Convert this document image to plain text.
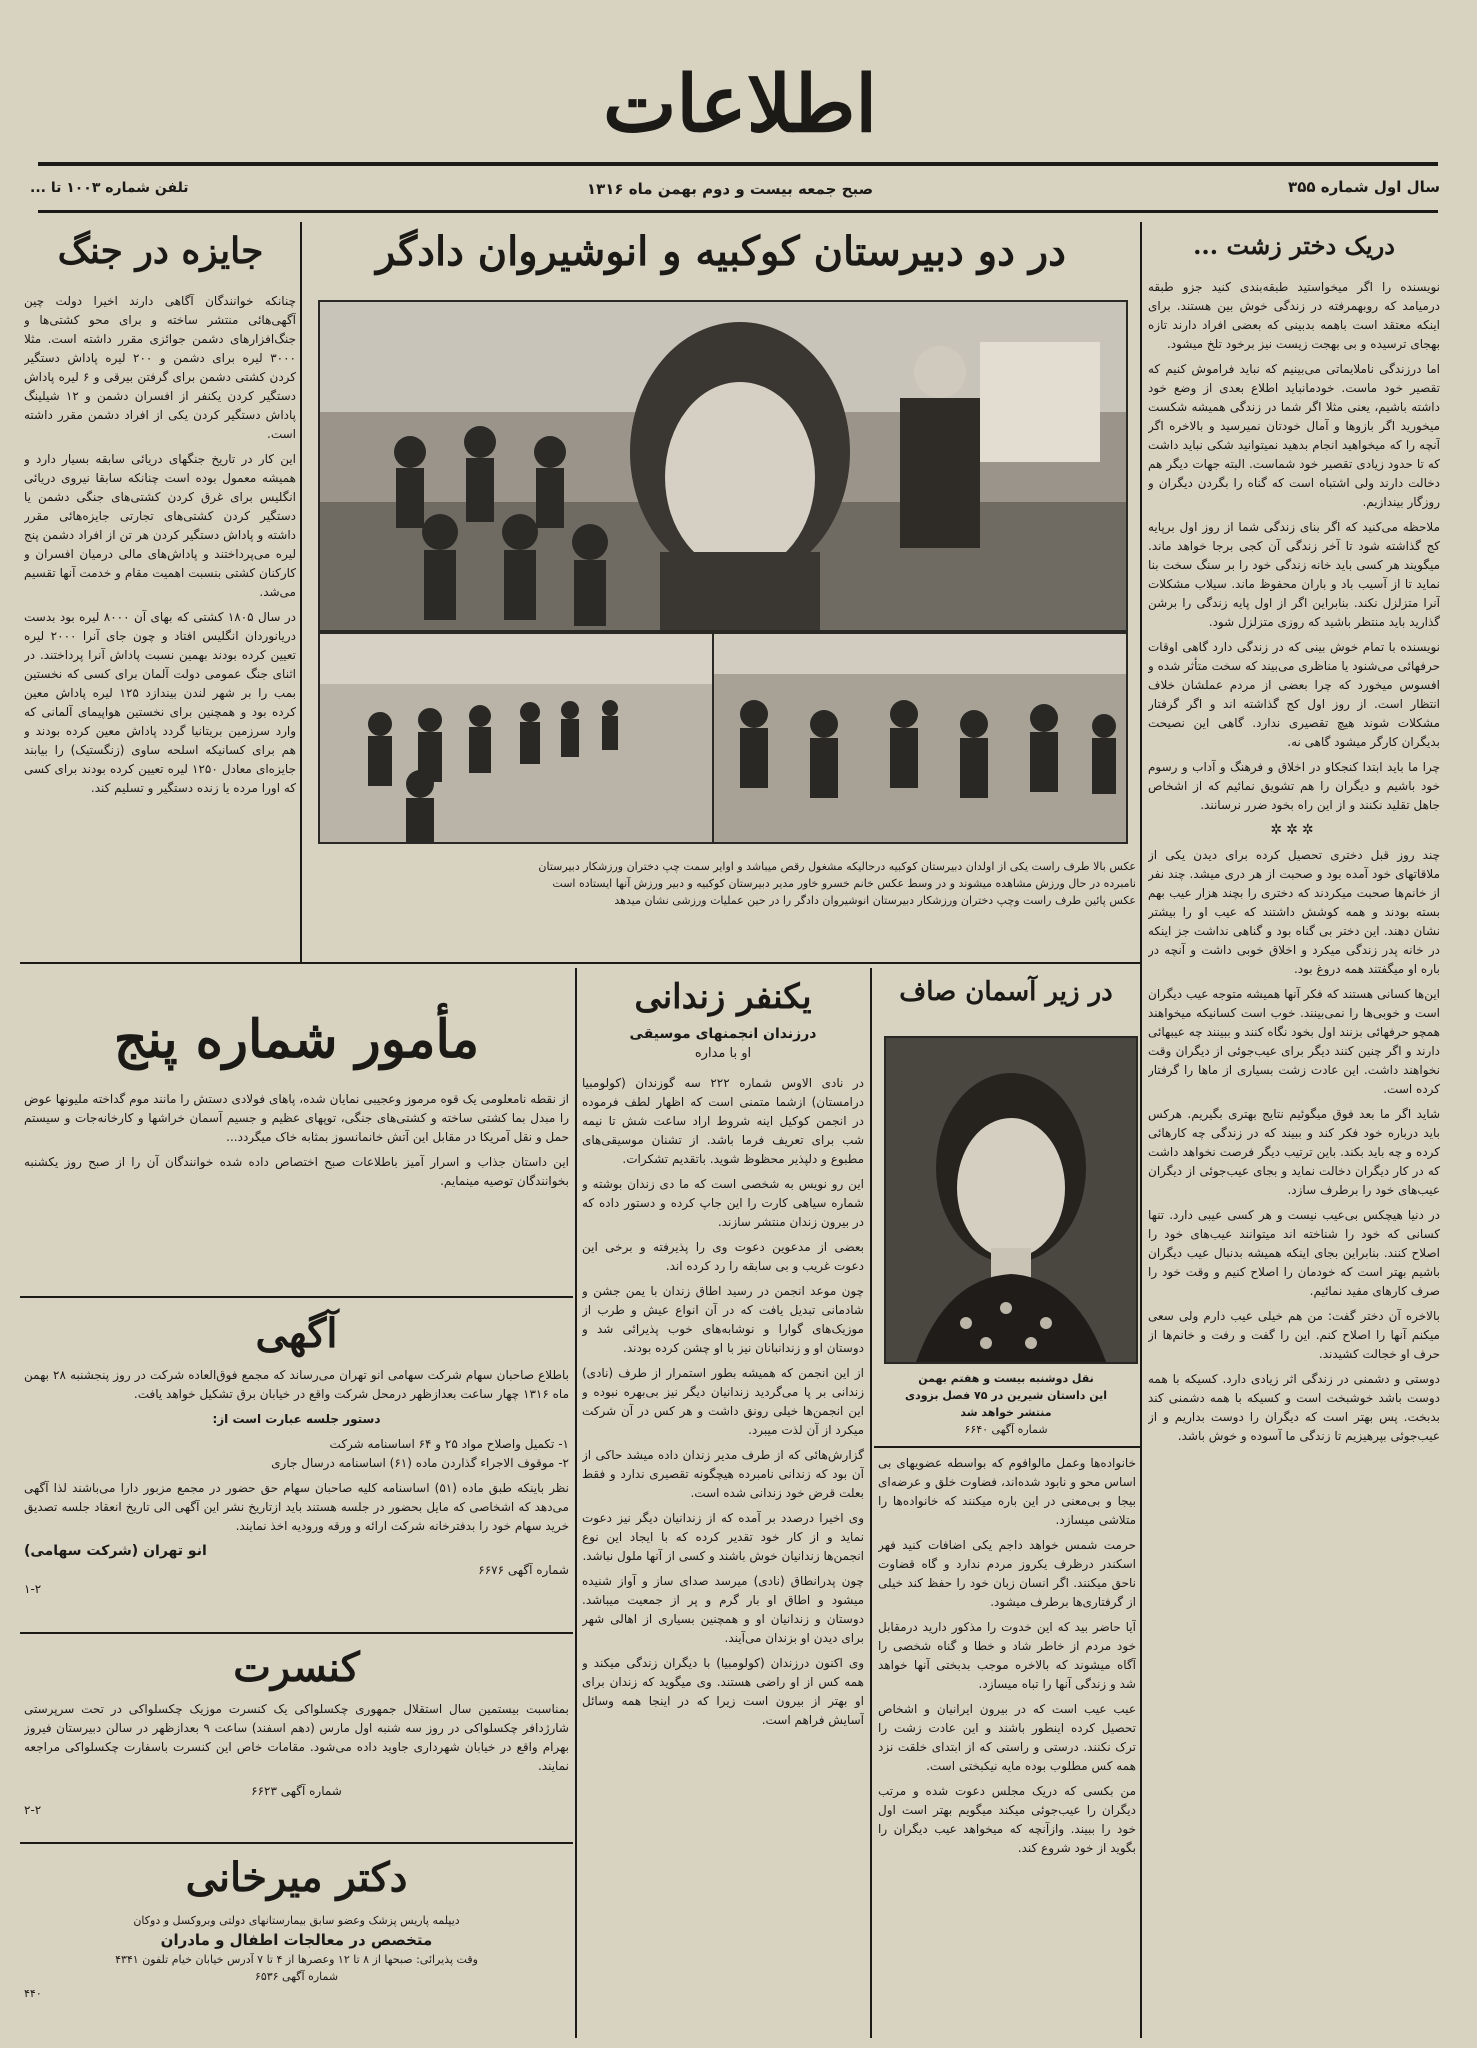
اطلاعات
سال اول شماره ۳۵۵
صبح جمعه بیست و دوم بهمن ماه ۱۳۱۶
تلفن شماره ۱۰۰۳ تا ...
جایزه در جنگ

چنانکه خوانندگان آگاهی دارند اخیرا دولت چین آگهی‌هائی منتشر ساخته و برای محو کشتی‌ها و جنگ‌افزارهای دشمن جوائزی مقرر داشته است. مثلا ۳۰۰۰ لیره برای دشمن و ۲۰۰ لیره پاداش دستگیر کردن کشتی دشمن برای گرفتن بیرقی و ۶ لیره پاداش دستگیر کردن یکنفر از افسران دشمن و ۱۲ شیلینگ پاداش دستگیر کردن یکی از افراد دشمن مقرر داشته است.

این کار در تاریخ جنگهای دریائی سابقه بسیار دارد و همیشه معمول بوده است چنانکه سابقا نیروی دریائی انگلیس برای غرق کردن کشتی‌های جنگی دشمن یا دستگیر کردن کشتی‌های تجارتی جایزه‌هائی مقرر داشته و پاداش دستگیر کردن هر تن از افراد دشمن پنج لیره می‌پرداختند و پاداش‌های مالی درمیان افسران و کارکنان کشتی بنسبت اهمیت مقام و خدمت آنها تقسیم می‌شد.

در سال ۱۸۰۵ کشتی که بهای آن ۸۰۰۰ لیره بود بدست دریانوردان انگلیس افتاد و چون جای آنرا ۲۰۰۰ لیره تعیین کرده بودند بهمین نسبت پاداش آنرا پرداختند. در اثنای جنگ عمومی دولت آلمان برای کسی که نخستین بمب را بر شهر لندن بیندازد ۱۲۵ لیره پاداش معین کرده بود و همچنین برای نخستین هواپیمای آلمانی که وارد سرزمین بریتانیا گردد پاداش معین کرده بودند و هم برای کسانیکه اسلحه ساوی (زنگستیک) را بیابند جایزه‌ای معادل ۱۲۵۰ لیره تعیین کرده بودند برای کسی که اورا مرده یا زنده دستگیر و تسلیم کند.

در دو دبیرستان کوکبیه و انوشیروان دادگر
عکس بالا طرف راست یکی از اولدان دبیرستان کوکبیه درحالیکه مشغول رقص میباشد و اوایر سمت چپ دختران ورزشکار دبیرستان
نامبرده در حال ورزش مشاهده میشوند و در وسط عکس خانم خسرو خاور مدیر دبیرستان کوکبیه و دبیر ورزش آنها ایستاده است
عکس پائین طرف راست وچپ دختران ورزشکار دبیرستان انوشیروان دادگر را در حین عملیات ورزشی نشان میدهد
دریک دختر زشت ...

نویسنده را اگر میخواستید طبقه‌بندی کنید جزو طبقه درمیامد که روبهمرفته در زندگی خوش بین هستند. برای اینکه معتقد است باهمه بدبینی که بعضی افراد دارند تازه بهجای ترسیده و بی بهجت زیست نیز برخود تلخ میشود.

اما درزندگی ناملایماتی می‌بینیم که نباید فراموش کنیم که تقصیر خود ماست. خودمانباید اطلاع بعدی از وضع خود داشته باشیم، یعنی مثلا اگر شما در زندگی همیشه شکست میخورید اگر بازوها و آمال خودتان نمیرسید و بالاخره اگر آنچه را که میخواهید انجام بدهید نمیتوانید شکی نباید داشت که تا حدود زیادی تقصیر خود شماست. البته جهات دیگر هم دخالت دارند ولی اشتباه است که گناه را بگردن دیگران و روزگار بیندازیم.

ملاحظه می‌کنید که اگر بنای زندگی شما از روز اول برپایه کج گذاشته شود تا آخر زندگی آن کجی برجا خواهد ماند. میگویند هر کسی باید خانه زندگی خود را بر سنگ سخت بنا نماید تا از آسیب باد و باران محفوظ ماند. سیلاب مشکلات آنرا متزلزل نکند. بنابراین اگر از اول پایه زندگی را برشن گذارید باید منتظر باشید که روزی متزلزل شود.

نویسنده با تمام خوش بینی که در زندگی دارد گاهی اوقات حرفهائی می‌شنود یا مناظری می‌بیند که سخت متأثر شده و افسوس میخورد که چرا بعضی از مردم عملشان خلاف انتظار است. از روز اول کج گذاشته اند و اگر گرفتار مشکلات شوند هیچ تقصیری ندارد. گاهی این نصیحت بدیگران کارگر میشود گاهی نه.

چرا ما باید ابتدا کنجکاو در اخلاق و فرهنگ و آداب و رسوم خود باشیم و دیگران را هم تشویق نمائیم که از اشخاص جاهل تقلید نکنند و از این راه بخود ضرر نرسانند.

✲✲✲

چند روز قبل دختری تحصیل کرده برای دیدن یکی از ملاقاتهای خود آمده بود و صحبت از هر دری میشد. چند نفر از خانم‌ها صحبت میکردند که دختری را بچند هزار عیب بهم بسته بودند و همه کوشش داشتند که عیب او را بیشتر نشان دهند. این دختر بی گناه بود و گناهی نداشت جز اینکه در خانه پدر زندگی میکرد و اخلاق خوبی داشت و آنچه در باره او میگفتند همه دروغ بود.

این‌ها کسانی هستند که فکر آنها همیشه متوجه عیب دیگران است و خوبی‌ها را نمی‌بینند. خوب است کسانیکه میخواهند همچو حرفهائی بزنند اول بخود نگاه کنند و ببینند چه عیبهائی دارند و اگر چنین کنند دیگر برای عیب‌جوئی از دیگران وقت نخواهند داشت. این عادت زشت بسیاری از ماها را گرفتار کرده است.

شاید اگر ما بعد فوق میگوئیم نتایج بهتری بگیریم. هرکس باید درباره خود فکر کند و ببیند که در زندگی چه کارهائی کرده و چه باید بکند. باین ترتیب دیگر فرصت نخواهد داشت که در کار دیگران دخالت نماید و بجای عیب‌جوئی از دیگران عیب‌های خود را برطرف سازد.

در دنیا هیچکس بی‌عیب نیست و هر کسی عیبی دارد. تنها کسانی که خود را شناخته اند میتوانند عیب‌های خود را اصلاح کنند. بنابراین بجای اینکه همیشه بدنبال عیب دیگران باشیم بهتر است که خودمان را اصلاح کنیم و وقت خود را صرف کارهای مفید نمائیم.

بالاخره آن دختر گفت: من هم خیلی عیب دارم ولی سعی میکنم آنها را اصلاح کنم. این را گفت و رفت و خانم‌ها از حرف او خجالت کشیدند.

دوستی و دشمنی در زندگی اثر زیادی دارد. کسیکه با همه دوست باشد خوشبخت است و کسیکه با همه دشمنی کند بدبخت. پس بهتر است که دیگران را دوست بداریم و از عیب‌جوئی بپرهیزیم تا زندگی ما آسوده و خوش باشد.

مأمور شماره پنج

از نقطه نامعلومی یک قوه مرموز وعجیبی نمایان شده، پاهای فولادی دستش را مانند موم گداخته ملیونها عوض را مبدل بما کشتی ساخته و کشتی‌های جنگی، توپهای عظیم و جسیم آسمان خراشها و کارخانه‌جات و سیستم حمل و نقل آمریکا در مقابل این آتش خانمانسوز بمثابه خاک میگردد...

این داستان جذاب و اسرار آمیز باطلاعات صبح اختصاص داده شده خوانندگان آن را از صبح روز یکشنبه بخوانندگان توصیه مینمایم.

آگهی

باطلاع صاحبان سهام شرکت سهامی انو تهران می‌رساند که مجمع فوق‌العاده شرکت در روز پنجشنبه ۲۸ بهمن ماه ۱۳۱۶ چهار ساعت بعدازظهر درمحل شرکت واقع در خیابان برق تشکیل خواهد یافت.

دستور جلسه عبارت است از:

۱- تکمیل واصلاح مواد ۲۵ و ۶۴ اساسنامه شرکت

۲- موقوف الاجراء گذاردن ماده (۶۱) اساسنامه درسال جاری

نظر باینکه طبق ماده (۵۱) اساسنامه کلیه صاحبان سهام حق حضور در مجمع مزبور دارا می‌باشند لذا آگهی می‌دهد که اشخاصی که مایل بحضور در جلسه هستند باید ازتاریخ نشر این آگهی الی تاریخ انعقاد جلسه تصدیق خرید سهام خود را بدفترخانه شرکت ارائه و ورقه ورودیه اخذ نمایند.

انو تهران (شرکت سهامی)
شماره آگهی ۶۶۷۶
۱-۲
کنسرت

بمناسبت بیستمین سال استقلال جمهوری چکسلواکی یک کنسرت موزیک چکسلواکی در تحت سرپرستی شارژدافر چکسلواکی در روز سه شنبه اول مارس (دهم اسفند) ساعت ۹ بعدازظهر در سالن دبیرستان فیروز بهرام واقع در خیابان شهرداری جاوید داده می‌شود. مقامات خاص این کنسرت باسفارت چکسلواکی مراجعه نمایند.

شماره آگهی ۶۶۲۳
۲-۲
دکتر میرخانی
دیپلمه پاریس پزشک وعضو سابق بیمارستانهای دولتی وبروکسل و دوکان
متخصص در معالجات اطفال و مادران
وقت پذیرائی: صبحها از ۸ تا ۱۲ وعصرها از ۴ تا ۷ آدرس خیابان خیام تلفون ۴۳۴۱
شماره آگهی ۶۵۳۶
۴۴۰
یکنفر زندانی
درزندان انجمنهای موسیقی
او با مداره

در نادی الاوس شماره ۲۲۲ سه گوزندان (کولومبیا درامستان) ازشما متمنی است که اظهار لطف فرموده در انجمن کوکیل اینه شروط اراد ساعت شش تا نیمه شب برای تعریف فرما باشد. از تشنان موسیقی‌های مطبوع و دلپذیر محظوظ شوید. باتقدیم تشکرات.

این رو نویس به شخصی است که ما دی زندان بوشته و شماره سیاهی کارت را این جاپ کرده و دستور داده که در بیرون زندان منتشر سازند.

بعضی از مدعوین دعوت وی را پذیرفته و برخی این دعوت غریب و بی سابقه را رد کرده اند.

چون موعد انجمن در رسید اطاق زندان با یمن جشن و شادمانی تبدیل یافت که در آن انواع عیش و طرب از موزیک‌های گوارا و نوشابه‌های خوب پذیرائی شد و دوستان او و زندانبانان نیز با او چشن کرده بودند.

از این انجمن که همیشه بطور استمرار از طرف (نادی) زندانی بر پا می‌گردید زندانیان دیگر نیز بی‌بهره نبوده و این انجمن‌ها خیلی رونق داشت و هر کس در آن شرکت میکرد از آن لذت میبرد.

گزارش‌هائی که از طرف مدیر زندان داده میشد حاکی از آن بود که زندانی نامبرده هیچگونه تقصیری ندارد و فقط بعلت قرض خود زندانی شده است.

وی اخیرا درصدد بر آمده که از زندانیان دیگر نیز دعوت نماید و از کار خود تقدیر کرده که با ایجاد این نوع انجمن‌ها زندانیان خوش باشند و کسی از آنها ملول نباشد.

چون پدرانطاق (نادی) میرسد صدای ساز و آواز شنیده میشود و اطاق او بار گرم و پر از جمعیت میباشد. دوستان و زندانیان او و همچنین بسیاری از اهالی شهر برای دیدن او بزندان می‌آیند.

وی اکنون درزندان (کولومبیا) با دیگران زندگی میکند و همه کس از او راضی هستند. وی میگوید که زندان برای او بهتر از بیرون است زیرا که در اینجا همه وسائل آسایش فراهم است.

در زیر آسمان صاف
نقل دوشنبه بیست و هفتم بهمن
این داستان شیرین در ۷۵ فصل بزودی
منتشر خواهد شد
شماره آگهی ۶۶۴۰

خانواده‌ها وعمل مالوافوم که بواسطه عضویهای بی اساس محو و نابود شده‌اند، فضاوت خلق و عرضه‌ای بیجا و بی‌معنی در این باره میکنند که خانواده‌ها را متلاشی میسازد.

حرمت شمس خواهد داجم یکی اضافات کنید فهر اسکندر درظرف یکروز مردم ندارد و گاه قضاوت ناحق میکنند. اگر انسان زبان خود را حفظ کند خیلی از گرفتاری‌ها برطرف میشود.

آیا حاضر بید که این خدوت را مذکور دارید درمقابل خود مردم از خاطر شاد و خطا و گناه شخصی را آگاه میشوند که بالاخره موجب بدبختی آنها خواهد شد و زندگی آنها را تباه میسازد.

عیب عیب است که در بیرون ایرانیان و اشخاص تحصیل کرده اینطور باشند و این عادت زشت را ترک نکنند. درستی و راستی که از ابتدای خلقت نزد همه کس مطلوب بوده مایه نیکبختی است.

من بکسی که دریک مجلس دعوت شده و مرتب دیگران را عیب‌جوئی میکند میگویم بهتر است اول خود را ببیند. وازآنچه که میخواهد عیب دیگران را بگوید از خود شروع کند.
